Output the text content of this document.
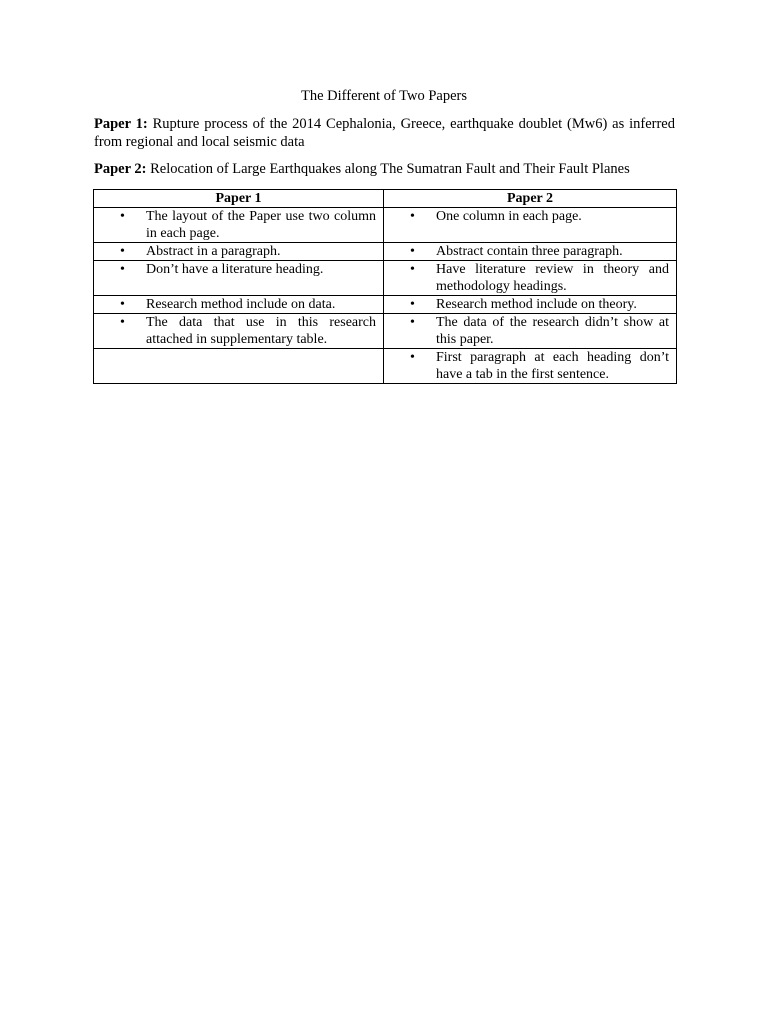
The Different of Two Papers
Paper 1: Rupture process of the 2014 Cephalonia, Greece, earthquake doublet (Mw6) as inferred from regional and local seismic data
Paper 2: Relocation of Large Earthquakes along The Sumatran Fault and Their Fault Planes
Paper 1	Paper 2

• The layout of the Paper use two column in each page.	• One column in each page.

• Abstract in a paragraph.	• Abstract contain three paragraph.

• Don’t have a literature heading.	• Have literature review in theory and methodology headings.

• Research method include on data.	• Research method include on theory.

• The data that use in this research attached in supplementary table.	• The data of the research didn’t show at this paper.

	• First paragraph at each heading don’t have a tab in the first sentence.
